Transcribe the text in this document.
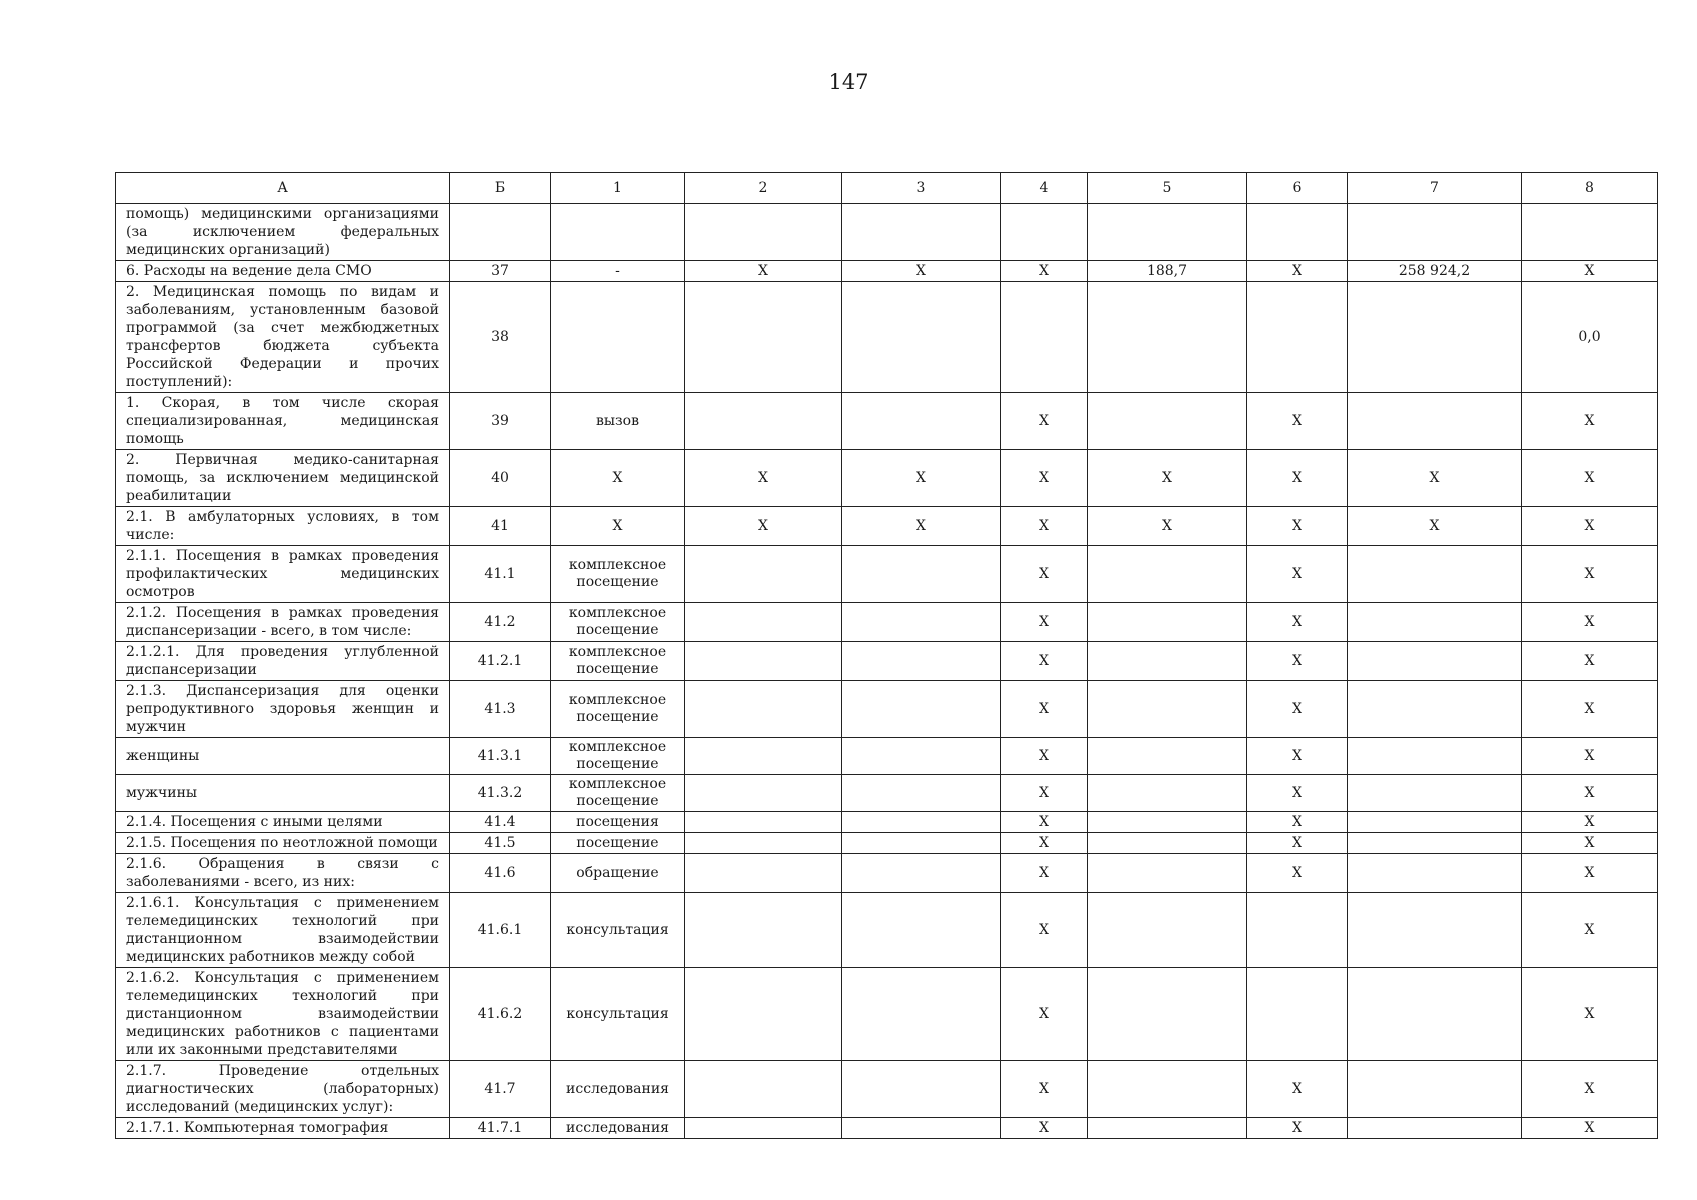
147
А	Б	1	2	3	4	5	6	7	8
помощь) медицинскими организациями (за исключением федеральных медицинских организаций)									
6. Расходы на ведение дела СМО	37	-	Х	Х	Х	188,7	Х	258 924,2	Х
2. Медицинская помощь по видам и заболеваниям, установленным базовой программой (за счет межбюджетных трансфертов бюджета субъекта Российской Федерации и прочих поступлений):	38								0,0
1. Скорая, в том числе скорая специализированная, медицинская помощь	39	вызов			Х		Х		Х
2. Первичная медико-санитарная помощь, за исключением медицинской реабилитации	40	Х	Х	Х	Х	Х	Х	Х	Х
2.1. В амбулаторных условиях, в том числе:	41	Х	Х	Х	Х	Х	Х	Х	Х
2.1.1. Посещения в рамках проведения профилактических медицинских осмотров	41.1	комплексное посещение			Х		Х		Х
2.1.2. Посещения в рамках проведения диспансеризации - всего, в том числе:	41.2	комплексное посещение			Х		Х		Х
2.1.2.1. Для проведения углубленной диспансеризации	41.2.1	комплексное посещение			Х		Х		Х
2.1.3. Диспансеризация для оценки репродуктивного здоровья женщин и мужчин	41.3	комплексное посещение			Х		Х		Х
женщины	41.3.1	комплексное посещение			Х		Х		Х
мужчины	41.3.2	комплексное посещение			Х		Х		Х
2.1.4. Посещения с иными целями	41.4	посещения			Х		Х		Х
2.1.5. Посещения по неотложной помощи	41.5	посещение			Х		Х		Х
2.1.6. Обращения в связи с заболеваниями - всего, из них:	41.6	обращение			Х		Х		Х
2.1.6.1. Консультация с применением телемедицинских технологий при дистанционном взаимодействии медицинских работников между собой	41.6.1	консультация			Х				Х
2.1.6.2. Консультация с применением телемедицинских технологий при дистанционном взаимодействии медицинских работников с пациентами или их законными представителями	41.6.2	консультация			Х				Х
2.1.7. Проведение отдельных диагностических (лабораторных) исследований (медицинских услуг):	41.7	исследования			Х		Х		Х
2.1.7.1. Компьютерная томография	41.7.1	исследования			Х		Х		Х
